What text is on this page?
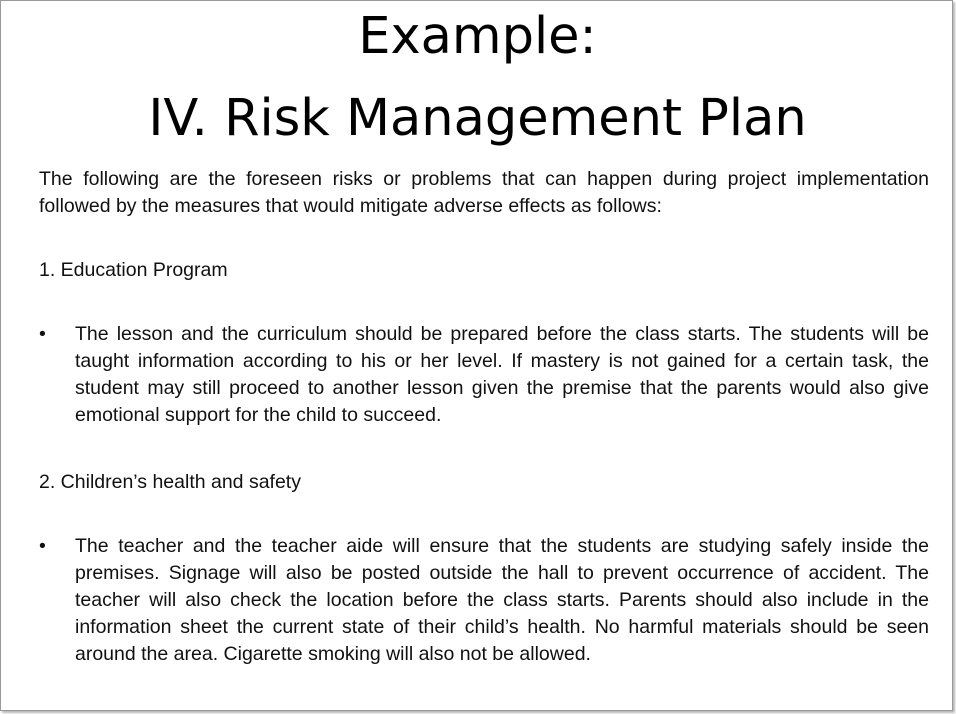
Example:
IV. Risk Management Plan

The following are the foreseen risks or problems that can happen during project implementation followed by the measures that would mitigate adverse effects as follows:

1. Education Program

•	The lesson and the curriculum should be prepared before the class starts. The students will be taught information according to his or her level. If mastery is not gained for a certain task, the student may still proceed to another lesson given the premise that the parents would also give emotional support for the child to succeed.

2. Children’s health and safety

•	The teacher and the teacher aide will ensure that the students are studying safely inside the premises. Signage will also be posted outside the hall to prevent occurrence of accident. The teacher will also check the location before the class starts. Parents should also include in the information sheet the current state of their child’s health. No harmful materials should be seen around the area. Cigarette smoking will also not be allowed.
